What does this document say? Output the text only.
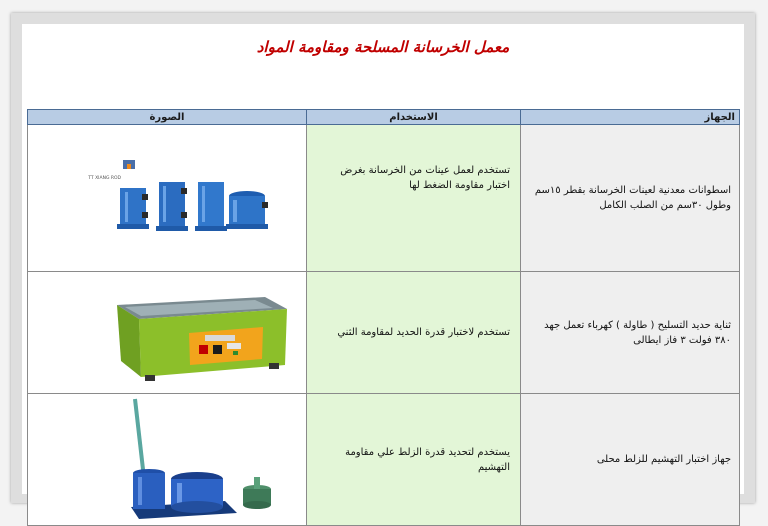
معمل الخرسانة المسلحة ومقاومة المواد
الجهاز	الاستخدام	الصورة
اسطوانات معدنية لعينات الخرسانة بقطر ١٥سم وطول ٣٠سم من الصلب الكامل	تستخدم لعمل عينات من الخرسانة بغرض اختبار مقاومة الضغط لها	TT XIANG ROD

ثناية حديد التسليح ( طاولة ) كهرباء تعمل جهد ٣٨٠ فولت ٣ فاز ايطالى	تستخدم لاختبار قدرة الحديد لمقاومة الثني	

جهاز اختبار التهشيم للزلط محلى	يستخدم لتحديد قدرة الزلط علي مقاومة التهشيم	
